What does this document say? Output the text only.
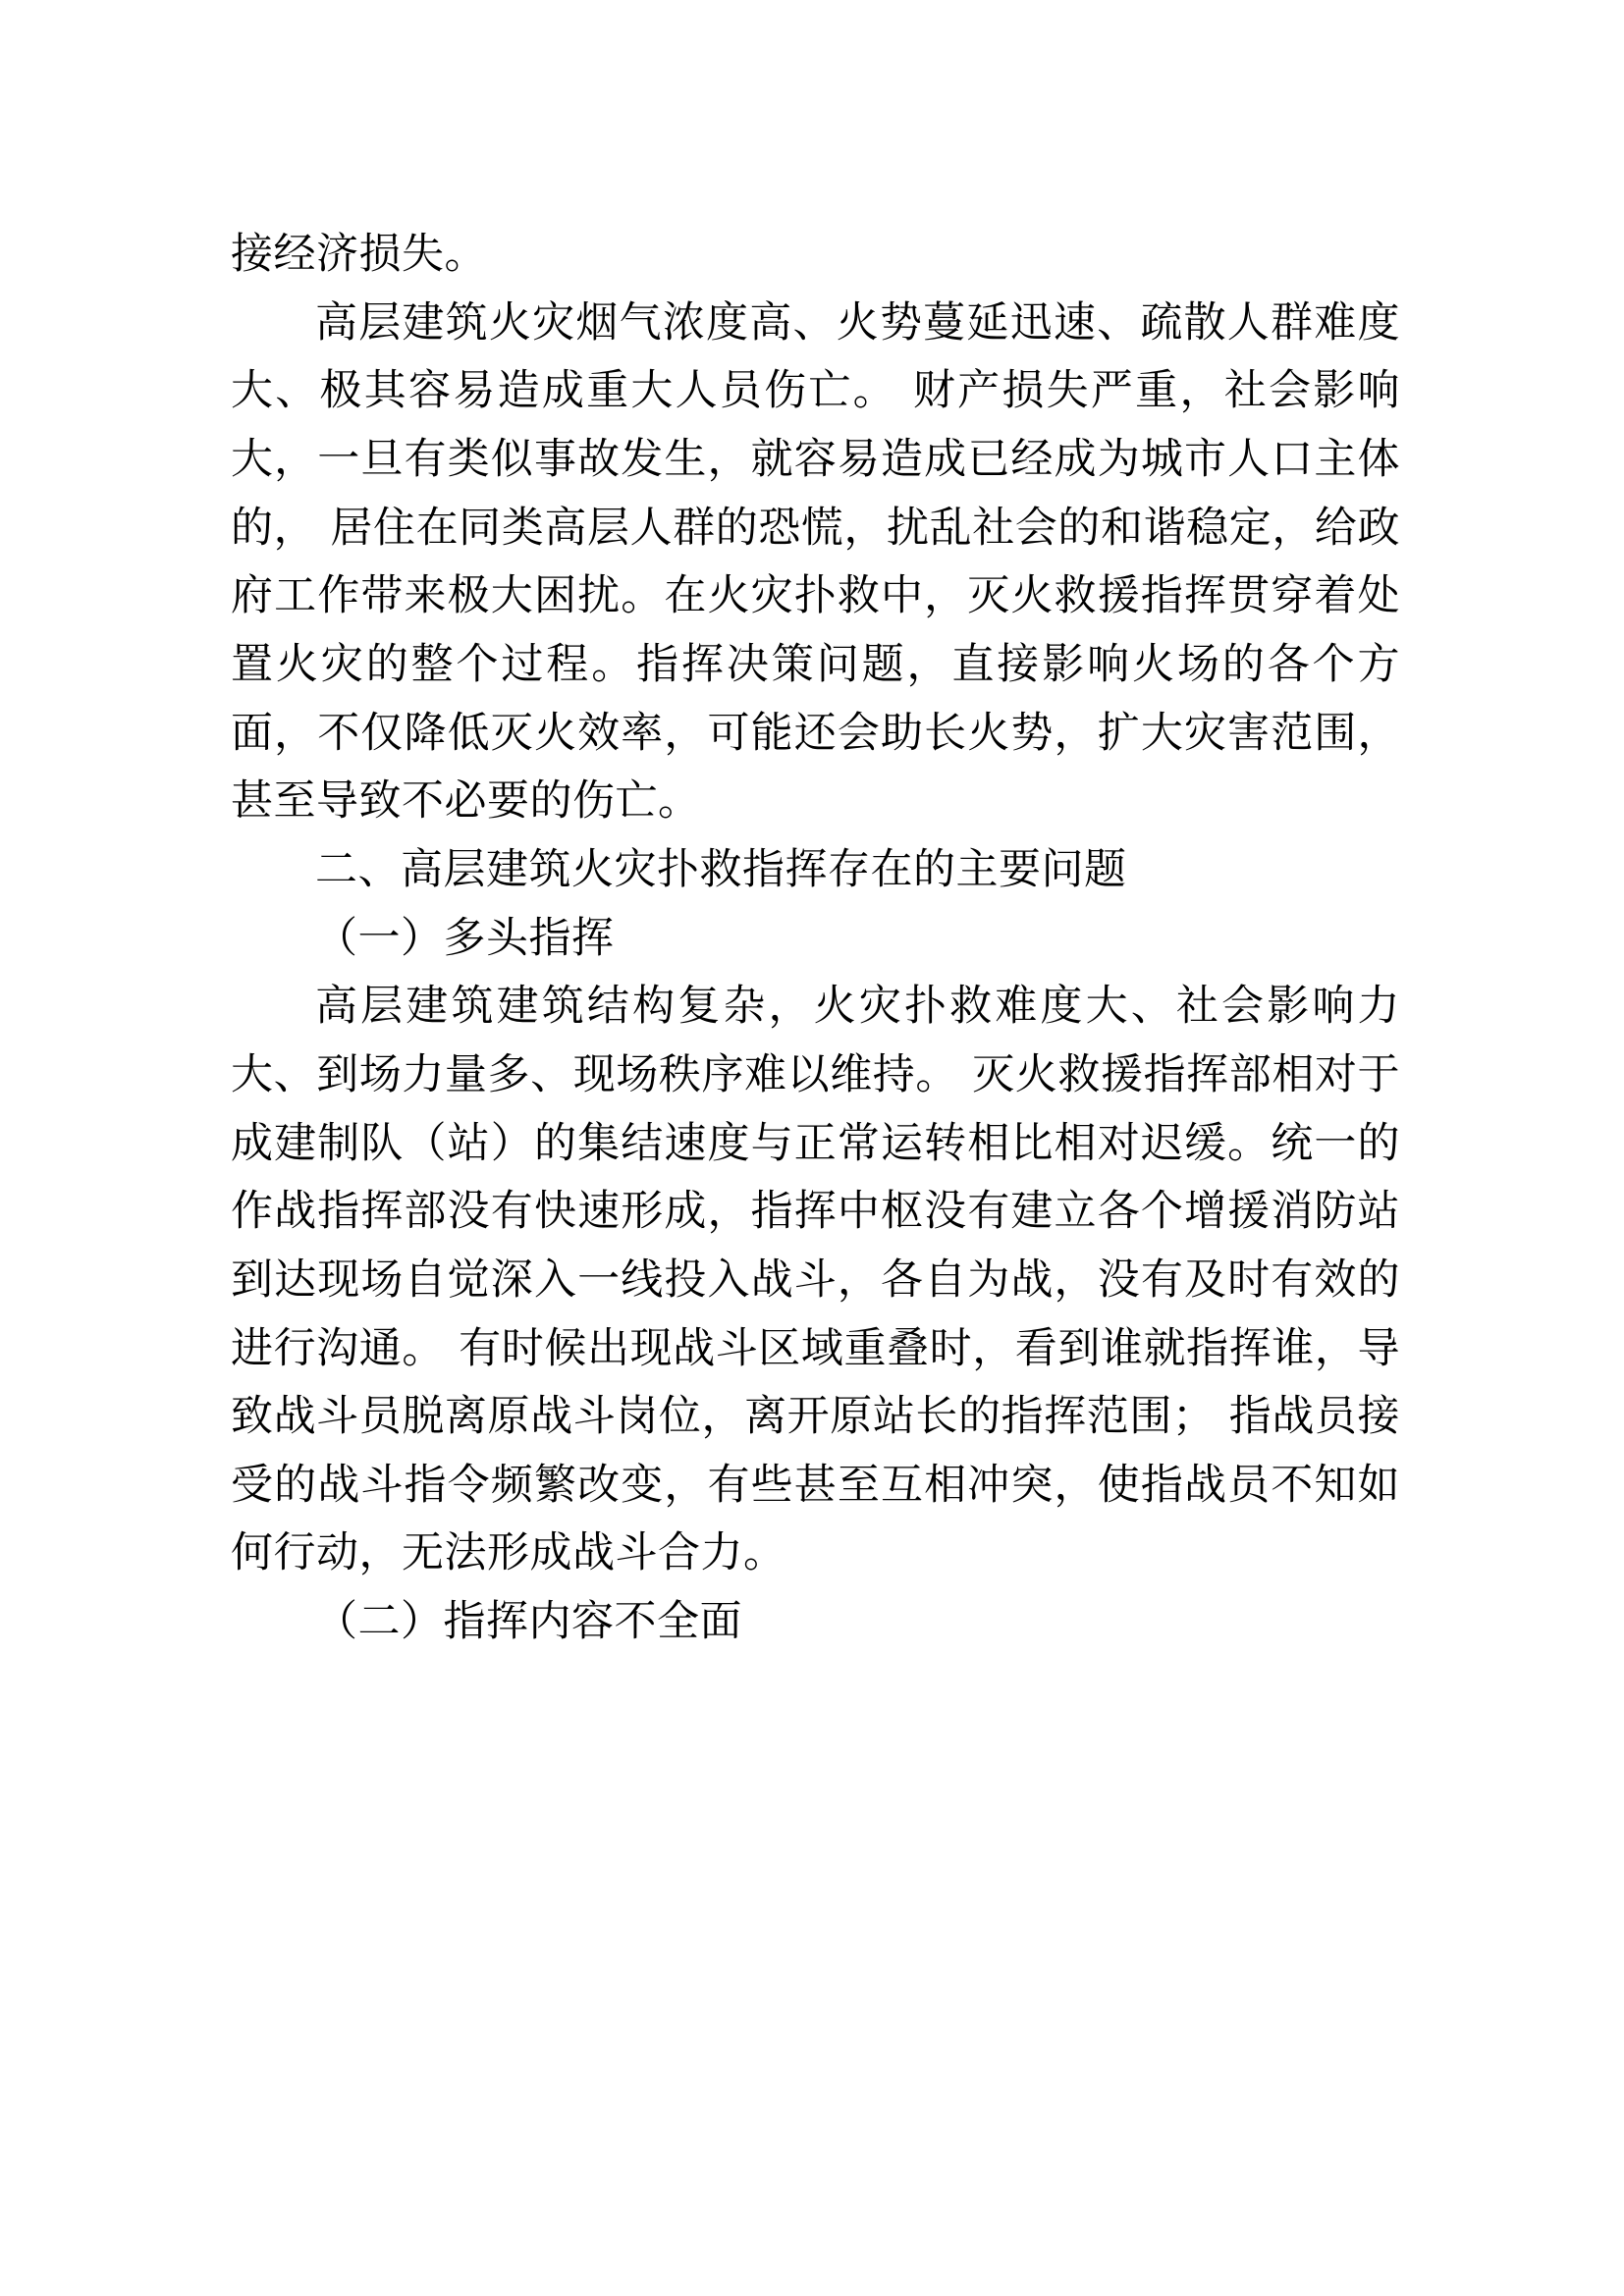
接经济损失。

高层建筑火灾烟气浓度高、火势蔓延迅速、疏散人群难度大、极其容易造成重大人员伤亡。 财产损失严重，社会影响大，一旦有类似事故发生，就容易造成已经成为城市人口主体的， 居住在同类高层人群的恐慌，扰乱社会的和谐稳定，给政府工作带来极大困扰。在火灾扑救中，灭火救援指挥贯穿着处置火灾的整个过程。指挥决策问题，直接影响火场的各个方面，不仅降低灭火效率，可能还会助长火势，扩大灾害范围，甚至导致不必要的伤亡。

二、高层建筑火灾扑救指挥存在的主要问题

（一）多头指挥

高层建筑建筑结构复杂，火灾扑救难度大、社会影响力大、到场力量多、现场秩序难以维持。 灭火救援指挥部相对于成建制队（站）的集结速度与正常运转相比相对迟缓。统一的作战指挥部没有快速形成，指挥中枢没有建立各个增援消防站到达现场自觉深入一线投入战斗，各自为战，没有及时有效的进行沟通。 有时候出现战斗区域重叠时，看到谁就指挥谁，导致战斗员脱离原战斗岗位，离开原站长的指挥范围； 指战员接受的战斗指令频繁改变，有些甚至互相冲突，使指战员不知如何行动，无法形成战斗合力。

（二）指挥内容不全面
